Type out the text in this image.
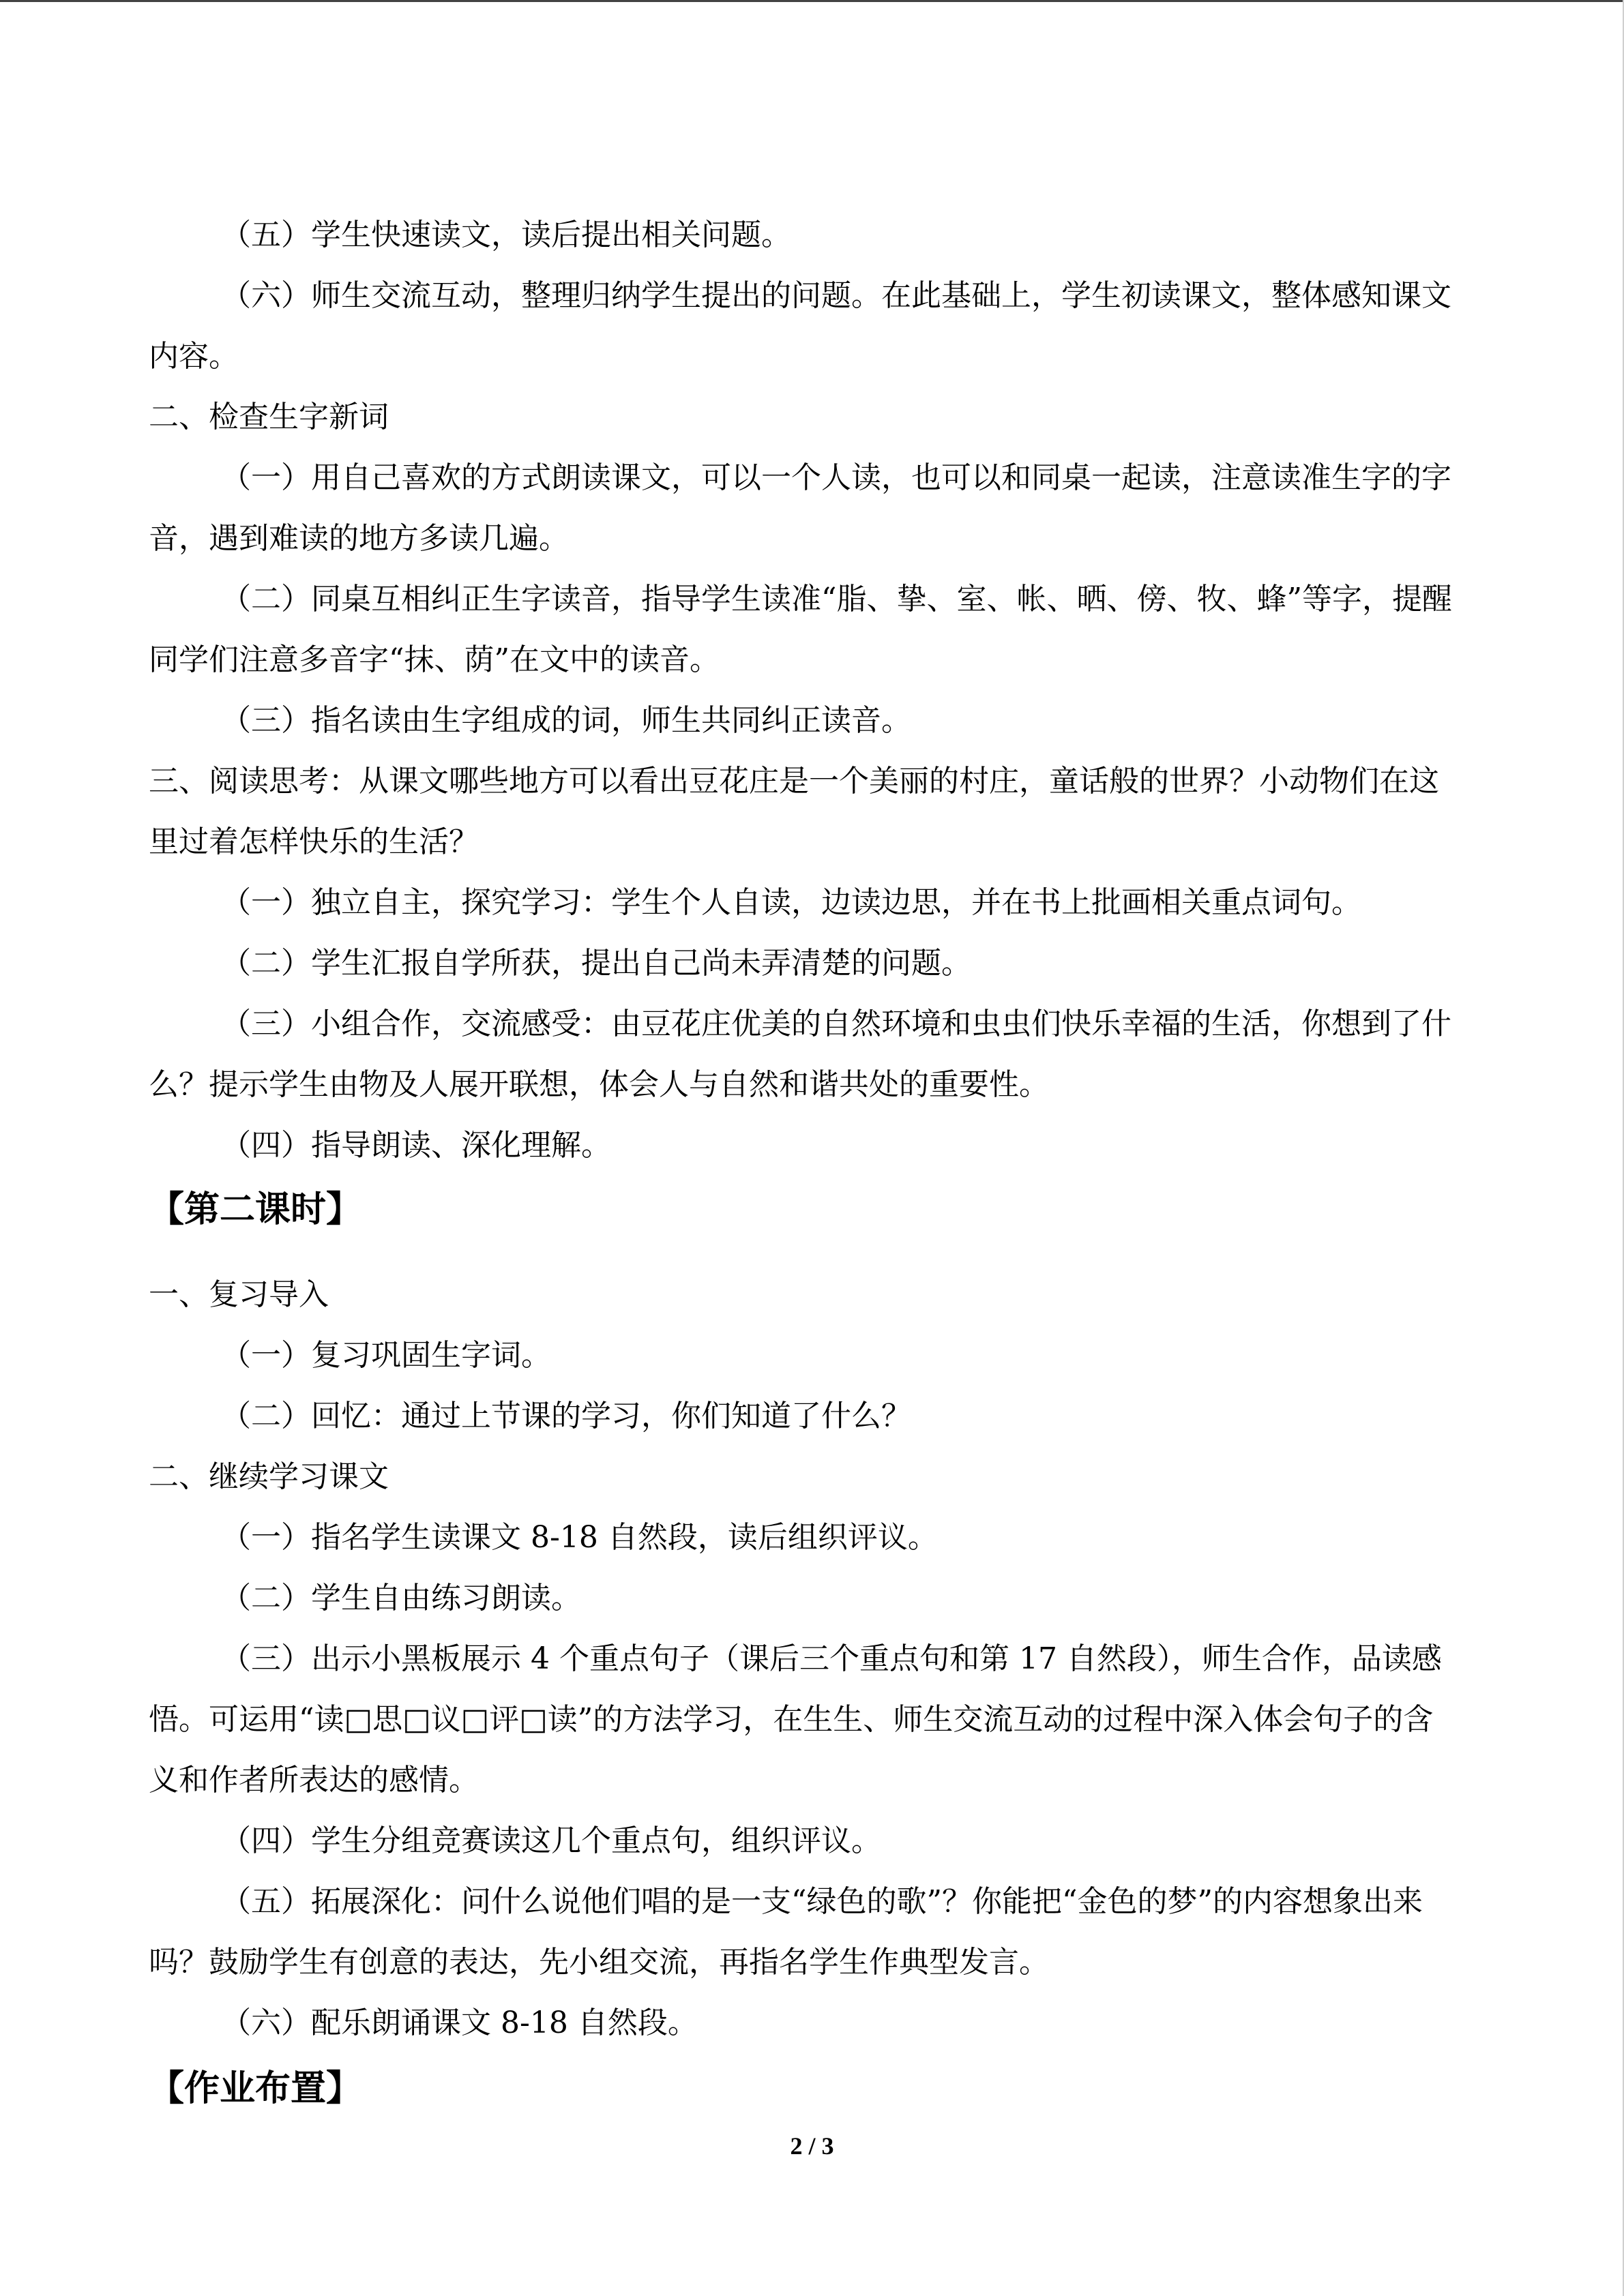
（五）学生快速读文，读后提出相关问题。

（六）师生交流互动，整理归纳学生提出的问题。在此基础上，学生初读课文，整体感知课文内容。

二、检查生字新词

（一）用自己喜欢的方式朗读课文，可以一个人读，也可以和同桌一起读，注意读准生字的字音，遇到难读的地方多读几遍。

（二）同桌互相纠正生字读音，指导学生读准“脂、挚、室、帐、晒、傍、牧、蜂”等字，提醒同学们注意多音字“抹、荫”在文中的读音。

（三）指名读由生字组成的词，师生共同纠正读音。

三、阅读思考：从课文哪些地方可以看出豆花庄是一个美丽的村庄，童话般的世界？小动物们在这里过着怎样快乐的生活？

（一）独立自主，探究学习：学生个人自读，边读边思，并在书上批画相关重点词句。

（二）学生汇报自学所获，提出自己尚未弄清楚的问题。

（三）小组合作，交流感受：由豆花庄优美的自然环境和虫虫们快乐幸福的生活，你想到了什么？提示学生由物及人展开联想，体会人与自然和谐共处的重要性。

（四）指导朗读、深化理解。

【第二课时】

一、复习导入

（一）复习巩固生字词。

（二）回忆：通过上节课的学习，你们知道了什么？

二、继续学习课文

（一）指名学生读课文 8-18 自然段，读后组织评议。

（二）学生自由练习朗读。

（三）出示小黑板展示 4 个重点句子（课后三个重点句和第 17 自然段），师生合作，品读感悟。可运用“读□思□议□评□读”的方法学习，在生生、师生交流互动的过程中深入体会句子的含义和作者所表达的感情。

（四）学生分组竞赛读这几个重点句，组织评议。

（五）拓展深化：问什么说他们唱的是一支“绿色的歌”？你能把“金色的梦”的内容想象出来吗？鼓励学生有创意的表达，先小组交流，再指名学生作典型发言。

（六）配乐朗诵课文 8-18 自然段。

【作业布置】

2 / 3
